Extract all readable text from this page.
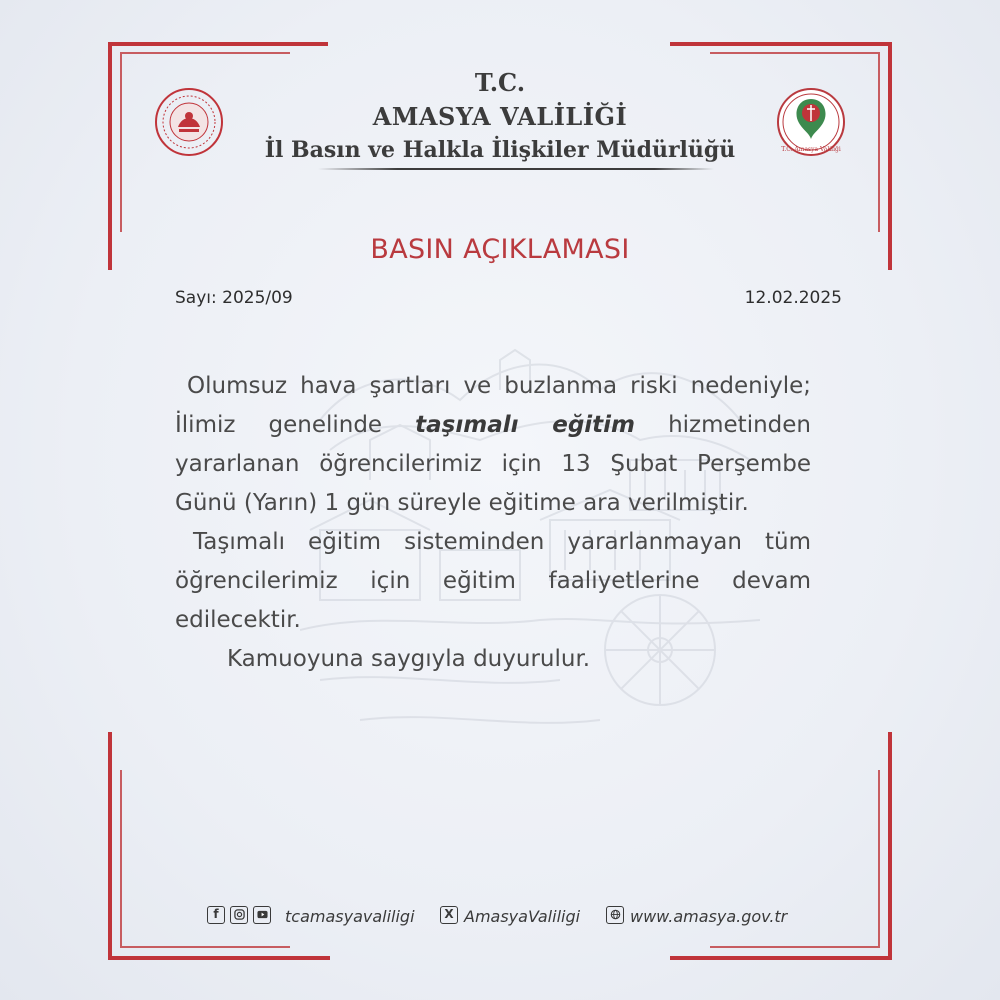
T.C. Amasya Valiliği
T.C.
AMASYA VALİLİĞİ
İl Basın ve Halkla İlişkiler Müdürlüğü
BASIN AÇIKLAMASI
Sayı: 2025/09	12.02.2025

Olumsuz hava şartları ve buzlanma riski nedeniyle; İlimiz genelinde taşımalı eğitim hizmetinden yararlanan öğrencilerimiz için 13 Şubat Perşembe Günü (Yarın) 1 gün süreyle eğitime ara verilmiştir.

Taşımalı eğitim sisteminden yararlanmayan tüm öğrencilerimiz için eğitim faaliyetlerine devam edilecektir.

Kamuoyuna saygıyla duyurulur.

f	tcamasyavaliligi	X AmasyaValiligi	www.amasya.gov.tr
